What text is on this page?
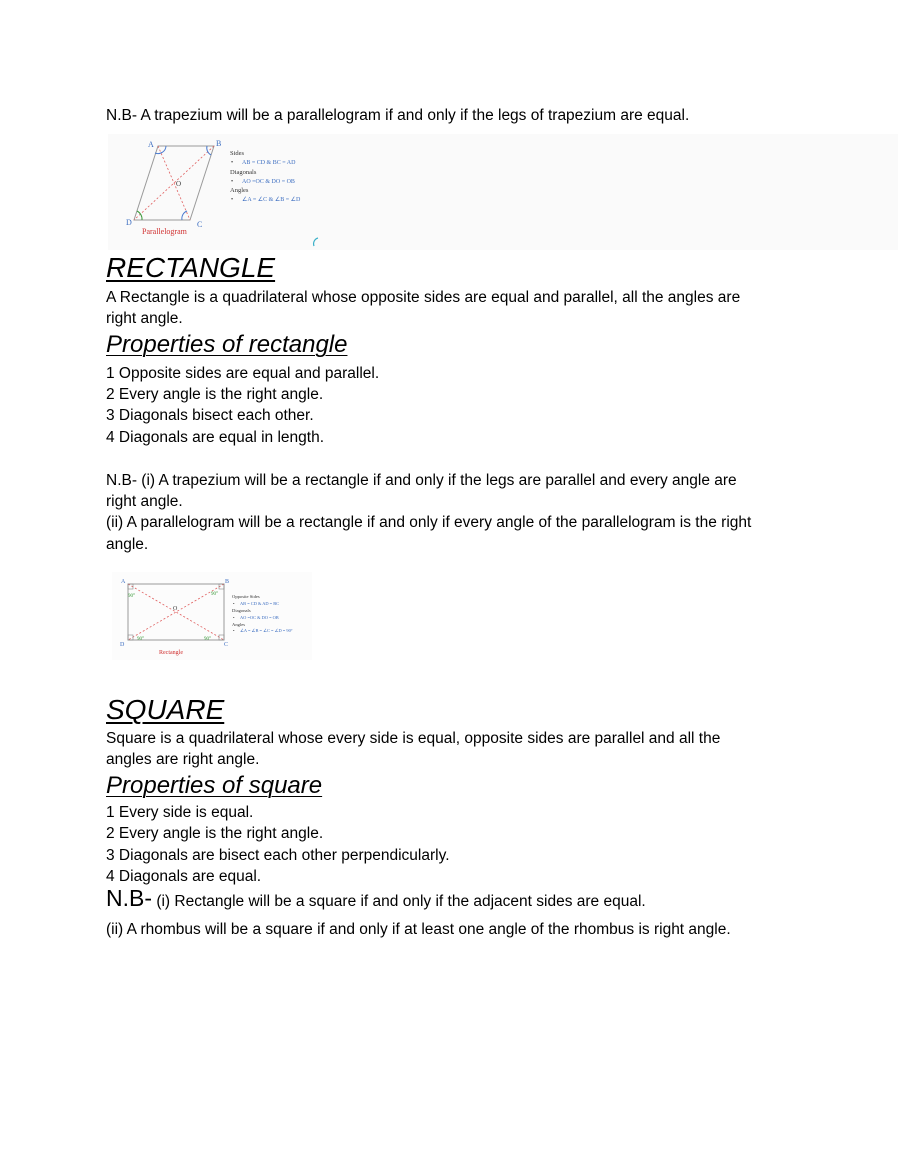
N.B- A trapezium will be a parallelogram if and only if the legs of trapezium are equal.
A	B
C
D
O
Parallelogram
Sides
• AB = CD & BC = AD
Diagonals
• AO =OC & DO = OB
Angles
• ∠A = ∠C & ∠B = ∠D
RECTANGLE
A Rectangle is a quadrilateral whose opposite sides are equal and parallel, all the angles are
right angle.
Properties of rectangle
1 Opposite sides are equal and parallel.
2 Every angle is the right angle.
3 Diagonals bisect each other.
4 Diagonals are equal in length.
N.B- (i) A trapezium will be a rectangle if and only if the legs are parallel and every angle are
right angle.
(ii) A parallelogram will be a rectangle if and only if every angle of the parallelogram is the right
angle.
90°	90°
90°
90°
A	B
C
D
O
Rectangle
Opposite Sides
• AB = CD & AD = BC
Diagonals
• AO =OC & DO = OB
Angles
• ∠A = ∠B = ∠C = ∠D = 90°
SQUARE
Square is a quadrilateral whose every side is equal, opposite sides are parallel and all the
angles are right angle.
Properties of square
1 Every side is equal.
2 Every angle is the right angle.
3 Diagonals are bisect each other perpendicularly.
4 Diagonals are equal.
N.B- (i) Rectangle will be a square if and only if the adjacent sides are equal.
(ii) A rhombus will be a square if and only if at least one angle of the rhombus is right angle.
